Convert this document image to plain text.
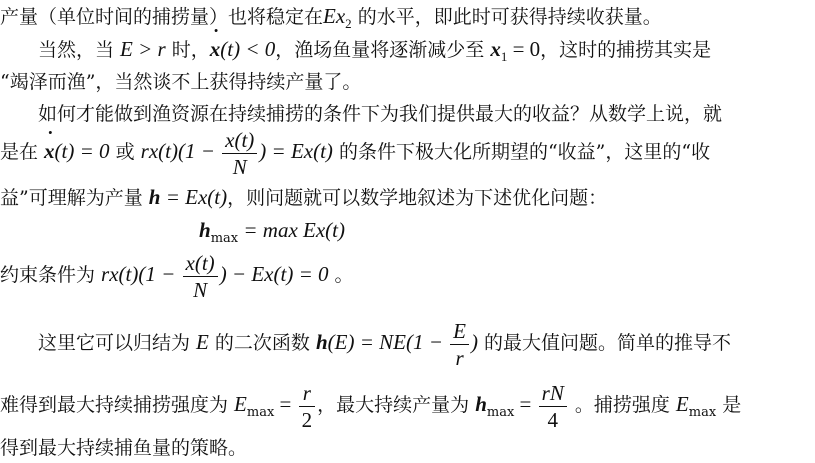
产量（单位时间的捕捞量）也将稳定在$Ex_2$ 的水平，即此时可获得持续收获量。
当然，当 E > r 时，x ˙(t) < 0，渔场鱼量将逐渐减少至 $x_1 = 0$，这时的捕捞其实是
“竭泽而渔”，当然谈不上获得持续产量了。
如何才能做到渔资源在持续捕捞的条件下为我们提供最大的收益？从数学上说，就
是在 x ˙(t) = 0 或 $rx(t)(1 - \frac{x(t)}{N}$ ) = Ex(t) 的条件下极大化所期望的“收益”，这里的“收
益”可理解为产量 h = Ex(t)，则问题就可以数学地叙述为下述优化问题：
$h_{max} = \max Ex(t)$
约束条件为 $rx(t)(1 - \frac{x(t)}{N}$ ) − Ex(t) = 0 。
这里它可以归结为 E 的二次函数 $h(E) = NE(1 - \frac{E}{r}$ ) 的最大值问题。简单的推导不
难得到最大持续捕捞强度为 $E_{max} = \frac{r}{2}$ ，最大持续产量为 $h_{max} = \frac{rN}{4}$ 。捕捞强度 $E_{max}$ 是
得到最大持续捕鱼量的策略。
